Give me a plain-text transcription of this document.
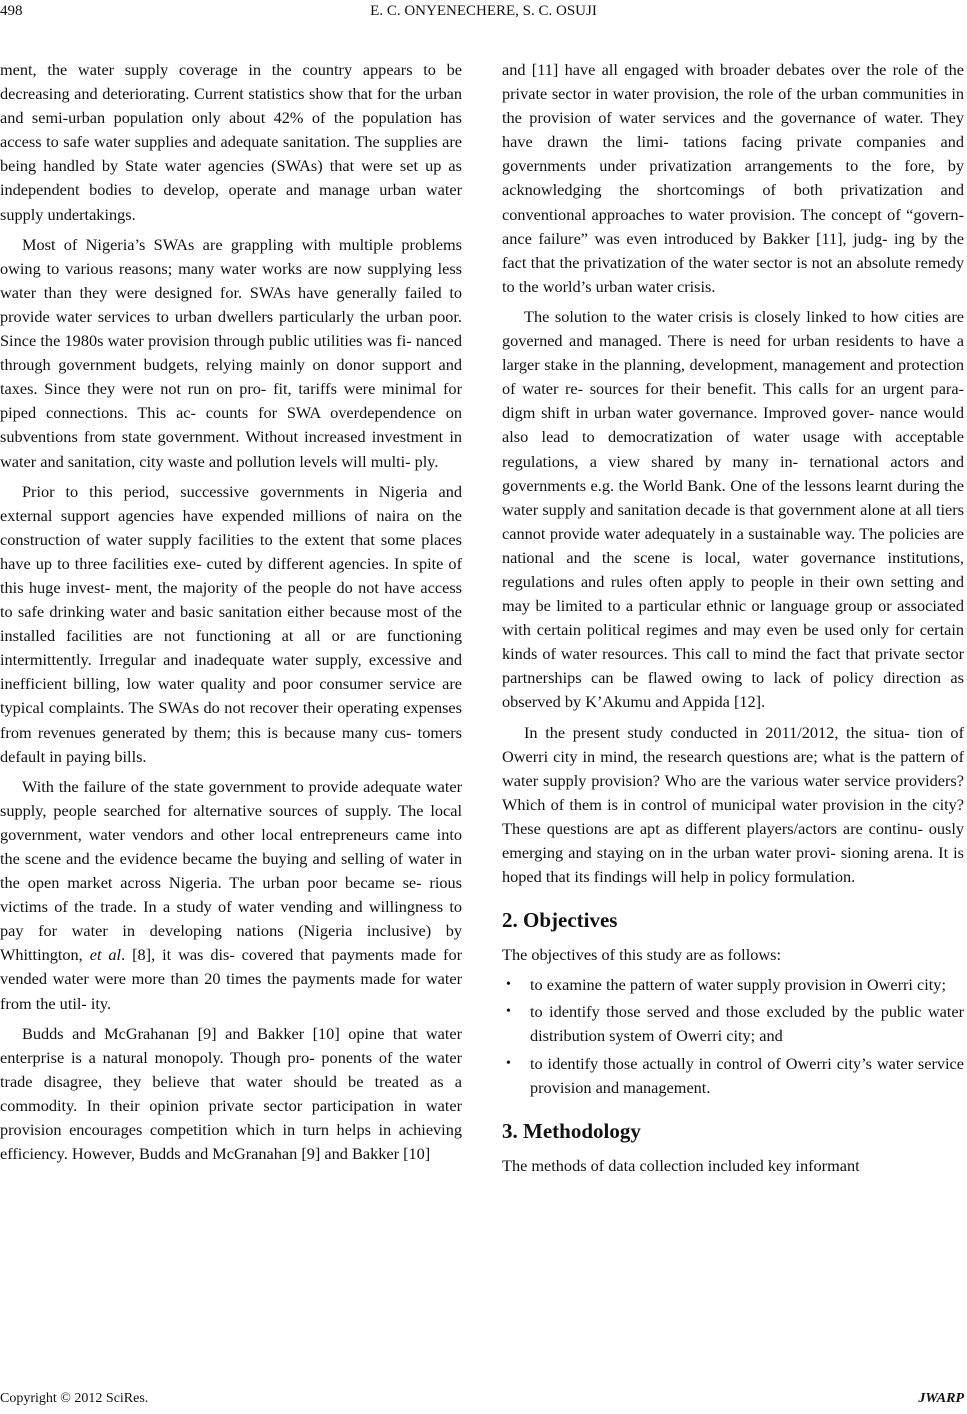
498	E. C. ONYENECHERE, S. C. OSUJI

ment, the water supply coverage in the country appears to be decreasing and deteriorating. Current statistics show that for the urban and semi-urban population only about 42% of the population has access to safe water supplies and adequate sanitation. The supplies are being handled by State water agencies (SWAs) that were set up as independent bodies to develop, operate and manage urban water supply undertakings.

Most of Nigeria’s SWAs are grappling with multiple problems owing to various reasons; many water works are now supplying less water than they were designed for. SWAs have generally failed to provide water services to urban dwellers particularly the urban poor. Since the 1980s water provision through public utilities was fi- nanced through government budgets, relying mainly on donor support and taxes. Since they were not run on pro- fit, tariffs were minimal for piped connections. This ac- counts for SWA overdependence on subventions from state government. Without increased investment in water and sanitation, city waste and pollution levels will multi- ply.

Prior to this period, successive governments in Nigeria and external support agencies have expended millions of naira on the construction of water supply facilities to the extent that some places have up to three facilities exe- cuted by different agencies. In spite of this huge invest- ment, the majority of the people do not have access to safe drinking water and basic sanitation either because most of the installed facilities are not functioning at all or are functioning intermittently. Irregular and inadequate water supply, excessive and inefficient billing, low water quality and poor consumer service are typical complaints. The SWAs do not recover their operating expenses from revenues generated by them; this is because many cus- tomers default in paying bills.

With the failure of the state government to provide adequate water supply, people searched for alternative sources of supply. The local government, water vendors and other local entrepreneurs came into the scene and the evidence became the buying and selling of water in the open market across Nigeria. The urban poor became se- rious victims of the trade. In a study of water vending and willingness to pay for water in developing nations (Nigeria inclusive) by Whittington, et al. [8], it was dis- covered that payments made for vended water were more than 20 times the payments made for water from the util- ity.

Budds and McGrahanan [9] and Bakker [10] opine that water enterprise is a natural monopoly. Though pro- ponents of the water trade disagree, they believe that water should be treated as a commodity. In their opinion private sector participation in water provision encourages competition which in turn helps in achieving efficiency. However, Budds and McGranahan [9] and Bakker [10]

and [11] have all engaged with broader debates over the role of the private sector in water provision, the role of the urban communities in the provision of water services and the governance of water. They have drawn the limi- tations facing private companies and governments under privatization arrangements to the fore, by acknowledging the shortcomings of both privatization and conventional approaches to water provision. The concept of “govern- ance failure” was even introduced by Bakker [11], judg- ing by the fact that the privatization of the water sector is not an absolute remedy to the world’s urban water crisis.

The solution to the water crisis is closely linked to how cities are governed and managed. There is need for urban residents to have a larger stake in the planning, development, management and protection of water re- sources for their benefit. This calls for an urgent para- digm shift in urban water governance. Improved gover- nance would also lead to democratization of water usage with acceptable regulations, a view shared by many in- ternational actors and governments e.g. the World Bank. One of the lessons learnt during the water supply and sanitation decade is that government alone at all tiers cannot provide water adequately in a sustainable way. The policies are national and the scene is local, water governance institutions, regulations and rules often apply to people in their own setting and may be limited to a particular ethnic or language group or associated with certain political regimes and may even be used only for certain kinds of water resources. This call to mind the fact that private sector partnerships can be flawed owing to lack of policy direction as observed by K’Akumu and Appida [12].

In the present study conducted in 2011/2012, the situa- tion of Owerri city in mind, the research questions are; what is the pattern of water supply provision? Who are the various water service providers? Which of them is in control of municipal water provision in the city? These questions are apt as different players/actors are continu- ously emerging and staying on in the urban water provi- sioning arena. It is hoped that its findings will help in policy formulation.

2. Objectives

The objectives of this study are as follows:

• to examine the pattern of water supply provision in Owerri city;
• to identify those served and those excluded by the public water distribution system of Owerri city; and
• to identify those actually in control of Owerri city’s water service provision and management.
3. Methodology

The methods of data collection included key informant

Copyright © 2012 SciRes.	JWARP
